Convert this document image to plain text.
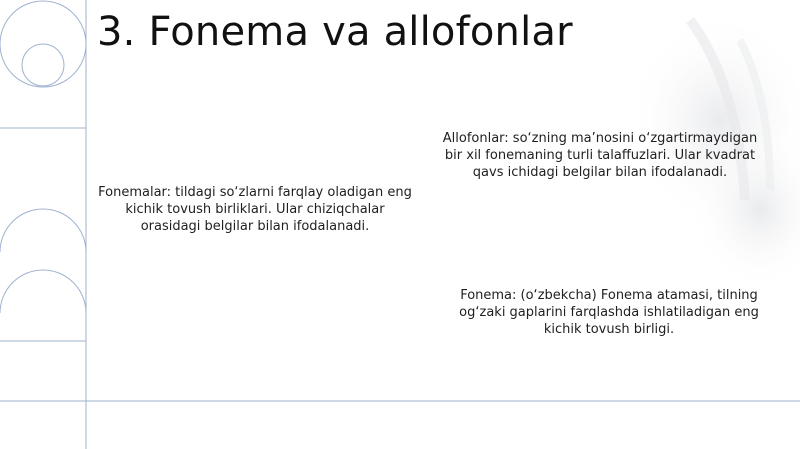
3. Fonema va allofonlar

Fonemalar: tildagi so‘zlarni farqlay oladigan eng kichik tovush birliklari. Ular chiziqchalar orasidagi belgilar bilan ifodalanadi.

Allofonlar: so‘zning ma’nosini o‘zgartirmaydigan bir xil fonemaning turli talaffuzlari. Ular kvadrat qavs ichidagi belgilar bilan ifodalanadi.

Fonema: (o‘zbekcha) Fonema atamasi, tilning og‘zaki gaplarini farqlashda ishlatiladigan eng kichik tovush birligi.
